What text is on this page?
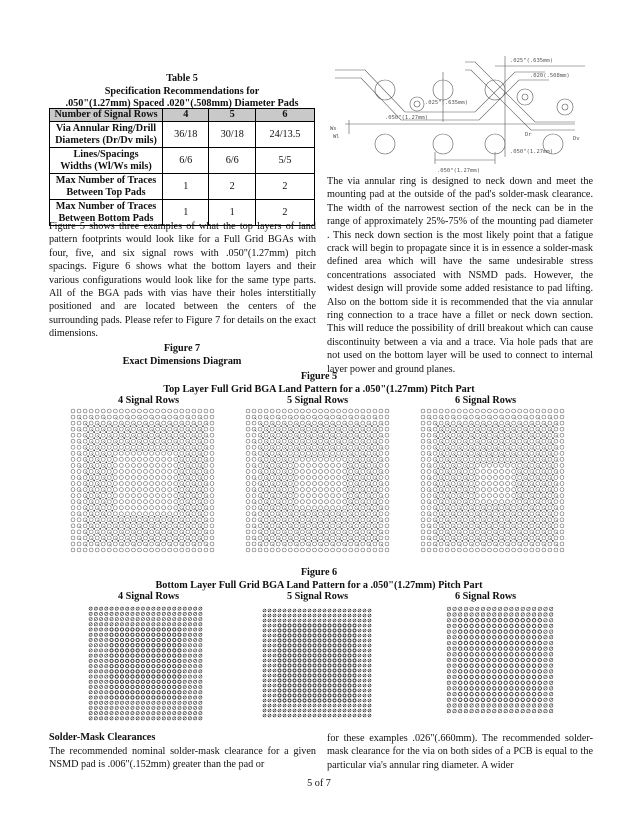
Table 5
Specification Recommendations for
.050"(1.27mm) Spaced .020"(.508mm) Diameter Pads
Number of Signal Rows	4	5	6
Via Annular Ring/Drill
Diameters (Dr/Dv mils)	36/18	30/18	24/13.5
Lines/Spacings
Widths (Wl/Ws mils)	6/6	6/6	5/5
Max Number of Traces
Between Top Pads	1	2	2
Max Number of Traces
Between Bottom Pads	1	1	2
Figure 5 shows three examples of what the top layers of land pattern footprints would look like for a Full Grid BGAs with four, five, and six signal rows with .050"(1.27mm) pitch spacings. Figure 6 shows what the bottom layers and their various configurations would look like for the same type parts. All of the BGA pads with vias have their holes interstitially positioned and are located between the centers of the surrounding pads. Please refer to Figure 7 for details on the exact dimensions.
Figure 7
Exact Dimensions Diagram
.025"(.635mm)
.020(.508mm)
.025"(.635mm)
.050"(1.27mm)
.050"(1.27mm)
.050"(1.27mm)
Ws
Wl	Dr
Dv
The via annular ring is designed to neck down and meet the mounting pad at the outside of the pad's solder-mask clearance. The width of the narrowest section of the neck can be in the range of approximately 25%-75% of the mounting pad diameter . This neck down section is the most likely point that a fatigue crack will begin to propagate since it is in essence a solder-mask defined area which will have the same undesirable stress concentrations associated with NSMD pads. However, the widest design will provide some added resistance to pad lifting. Also on the bottom side it is recommended that the via annular ring connection to a trace have a fillet or neck down section. This will reduce the possibility of drill breakout which can cause discontinuity between a via and a trace. Via hole pads that are not used on the bottom layer will be used to connect to internal layer power and ground planes.
Figure 5
Top Layer Full Grid BGA Land Pattern for a .050"(1.27mm) Pitch Part
4 Signal Rows	5 Signal Rows	6 Signal Rows
Figure 6
Bottom Layer Full Grid BGA Land Pattern for a .050"(1.27mm) Pitch Part
4 Signal Rows	5 Signal Rows	6 Signal Rows
Solder-Mask Clearances
The recommended nominal solder-mask clearance for a given NSMD pad is .006"(.152mm) greater than the pad or
for these examples .026"(.660mm). The recommended solder-mask clearance for the via on both sides of a PCB is equal to the particular via's annular ring diameter. A wider
5 of 7
